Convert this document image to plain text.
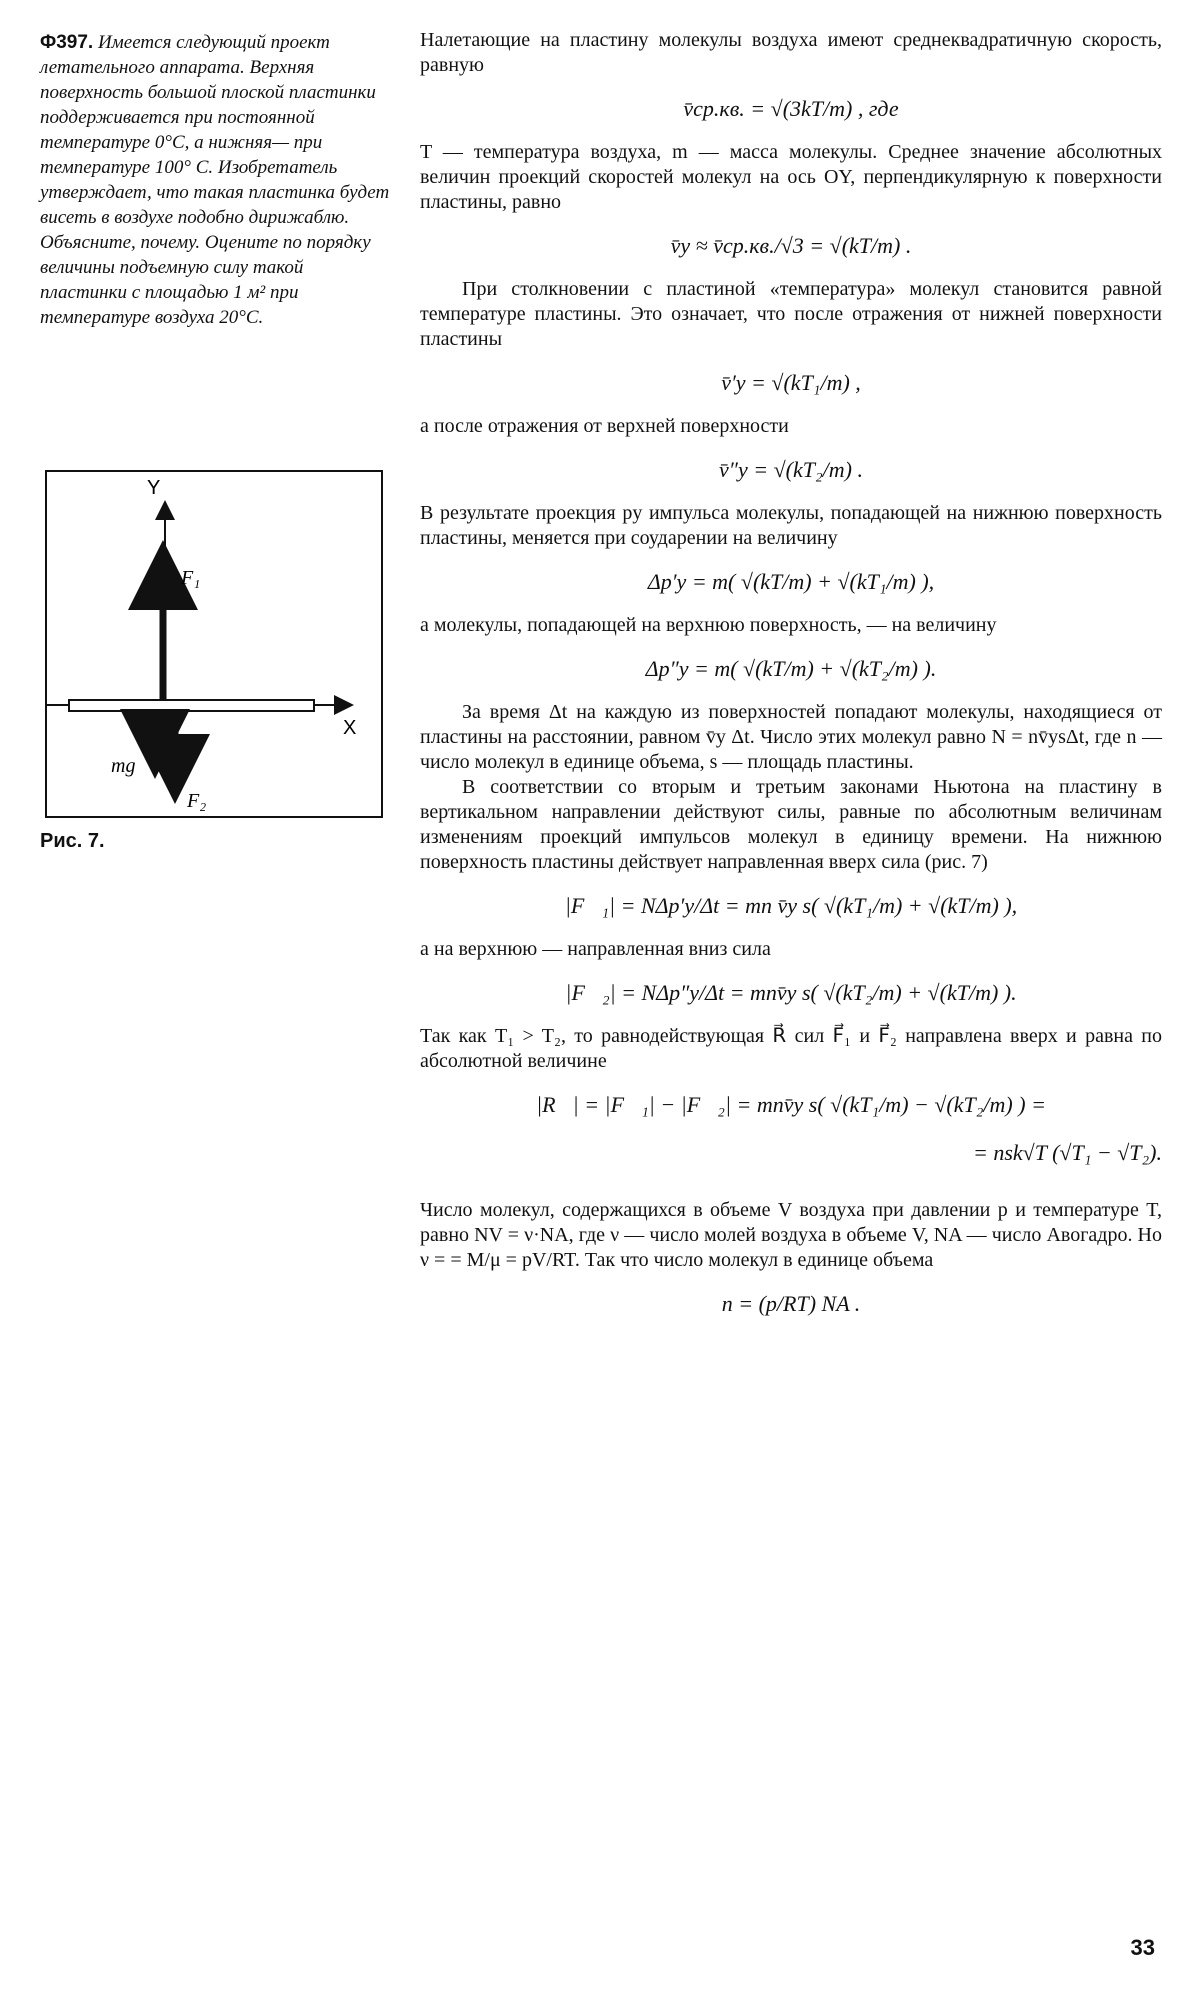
Ф397. Имеется следующий проект летательного аппарата. Верхняя поверхность большой плоской пластинки поддерживается при постоянной температуре 0°С, а нижняя— при температуре 100° С. Изобретатель утверждает, что такая пластинка будет висеть в воздухе подобно дирижаблю. Объясните, почему. Оцените по порядку величины подъемную силу такой пластинки с площадью 1 м² при температуре воздуха 20°С.
Y
X
F₁
mg
F₂
Рис. 7.

Налетающие на пластину молекулы воздуха имеют среднеквадратичную скорость, равную

v̄ср.кв. = √(3kT/m) , где

T — температура воздуха, m — масса молекулы. Среднее значение абсолютных величин проекций скоростей молекул на ось OY, перпендикулярную к поверхности пластины, равно

v̄y ≈ v̄ср.кв./√3 = √(kT/m) .

При столкновении с пластиной «температура» молекул становится равной температуре пластины. Это означает, что после отражения от нижней поверхности пластины

v̄′y = √(kT₁/m) ,

а после отражения от верхней поверхности

v̄″y = √(kT₂/m) .

В результате проекция py импульса молекулы, попадающей на нижнюю поверхность пластины, меняется при соударении на величину

Δp′y = m( √(kT/m) + √(kT₁/m) ),

а молекулы, попадающей на верхнюю поверхность, — на величину

Δp″y = m( √(kT/m) + √(kT₂/m) ).

За время Δt на каждую из поверхностей попадают молекулы, находящиеся от пластины на расстоянии, равном v̄y Δt. Число этих молекул равно N = nv̄ysΔt, где n — число молекул в единице объема, s — площадь пластины.

В соответствии со вторым и третьим законами Ньютона на пластину в вертикальном направлении действуют силы, равные по абсолютным величинам изменениям проекций импульсов молекул в единицу времени. На нижнюю поверхность пластины действует направленная вверх сила (рис. 7)

|F⃗₁| = NΔp′y/Δt = mn v̄y s( √(kT₁/m) + √(kT/m) ),

а на верхнюю — направленная вниз сила

|F⃗₂| = NΔp″y/Δt = mnv̄y s( √(kT₂/m) + √(kT/m) ).

Так как T₁ > T₂, то равнодействующая R⃗ сил F⃗₁ и F⃗₂ направлена вверх и равна по абсолютной величине

|R⃗| = |F⃗₁| − |F⃗₂| = mnv̄y s( √(kT₁/m) − √(kT₂/m) ) =
= nsk√T (√T₁ − √T₂).

Число молекул, содержащихся в объеме V воздуха при давлении p и температуре T, равно NV = ν·NA, где ν — число молей воздуха в объеме V, NA — число Авогадро. Но ν = = M/μ = pV/RT. Так что число молекул в единице объема

n = (p/RT) NA .
33
